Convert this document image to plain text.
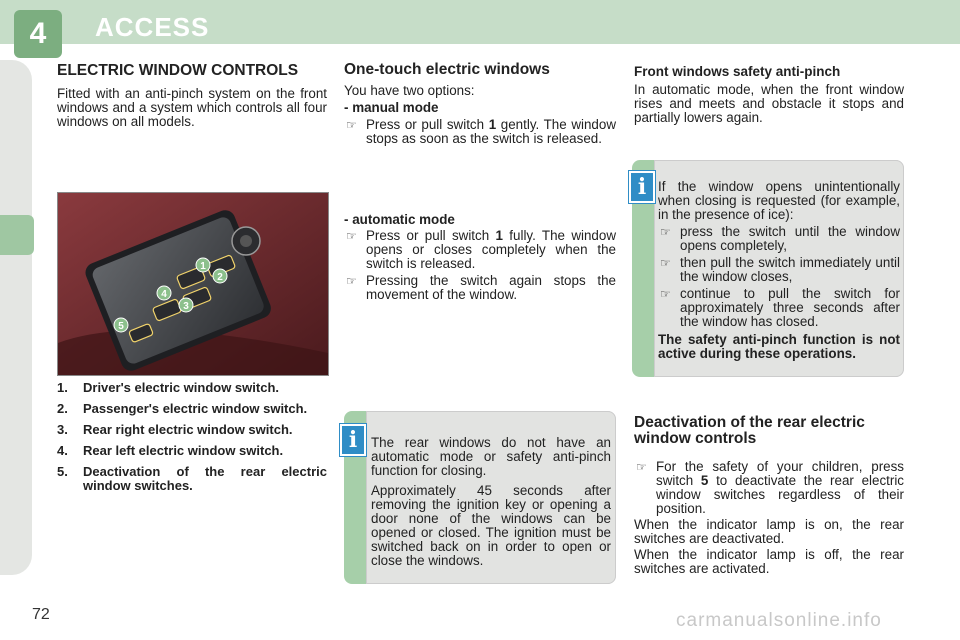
4	ACCESS
ELECTRIC WINDOW CONTROLS

Fitted with an anti-pinch system on the front windows and a system which controls all four windows on all models.

1
2
3
4
5
1. Driver's electric window switch.
2. Passenger's electric window switch.
3. Rear right electric window switch.
4. Rear left electric window switch.
5. Deactivation of the rear electric window switches.
One-touch electric windows

You have two options:

- manual mode
☞ Press or pull switch 1 gently. The window stops as soon as the switch is released.
- automatic mode
☞ Press or pull switch 1 fully. The window opens or closes completely when the switch is released.
☞ Pressing the switch again stops the movement of the window.

The rear windows do not have an automatic mode or safety anti-pinch function for closing.

Approximately 45 seconds after removing the ignition key or opening a door none of the windows can be opened or closed. The ignition must be switched back on in order to open or close the windows.

i
Front windows safety anti-pinch

In automatic mode, when the front window rises and meets and obstacle it stops and partially lowers again.

If the window opens unintentionally when closing is requested (for example, in the presence of ice):

☞ press the switch until the window opens completely,
☞ then pull the switch immediately until the window closes,
☞ continue to pull the switch for approximately three seconds after the window has closed.

The safety anti-pinch function is not active during these operations.

i
Deactivation of the rear electric window controls
☞ For the safety of your children, press switch 5 to deactivate the rear electric window switches regardless of their position.

When the indicator lamp is on, the rear switches are deactivated.

When the indicator lamp is off, the rear switches are activated.

72	carmanualsonline.info
